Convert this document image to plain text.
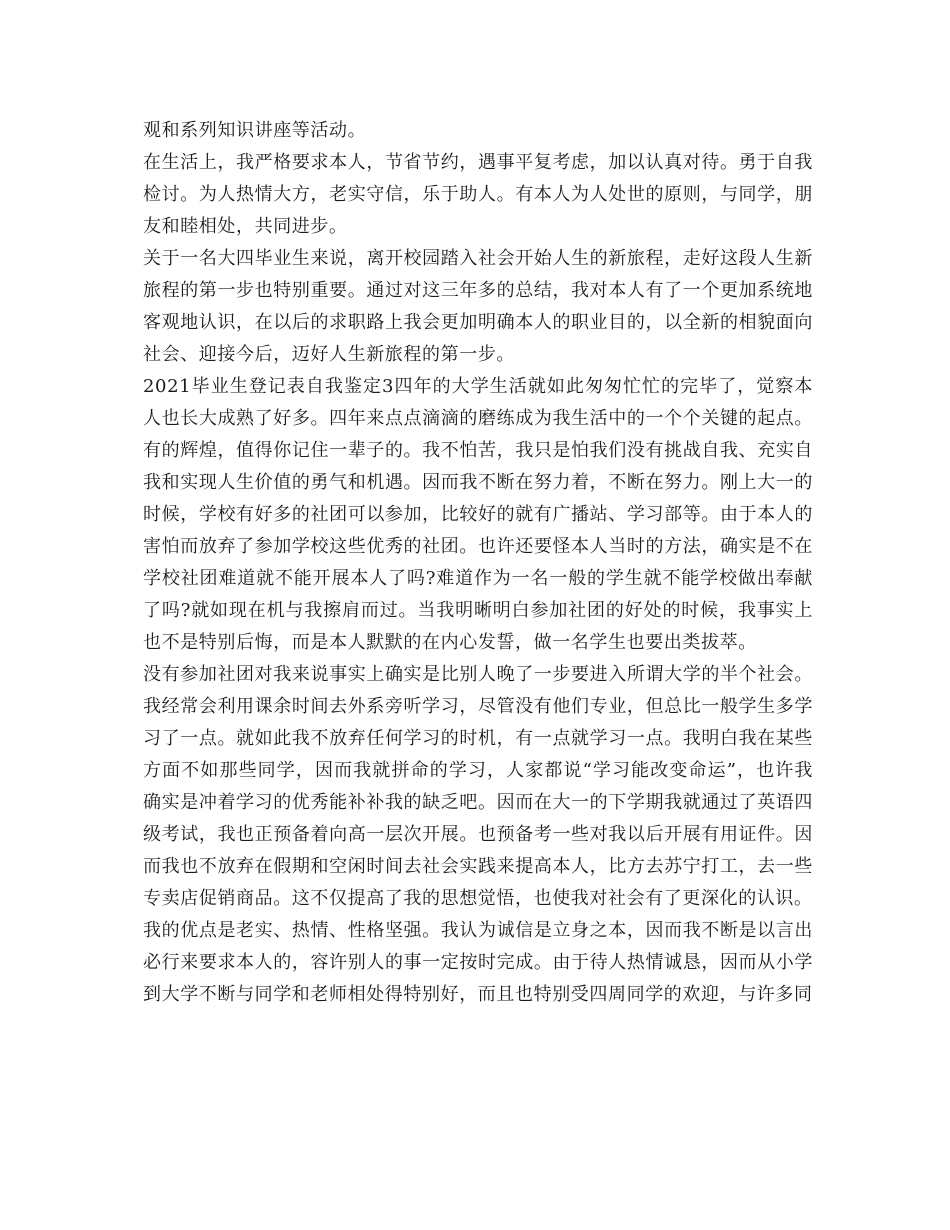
观和系列知识讲座等活动。

在生活上，我严格要求本人，节省节约，遇事平复考虑，加以认真对待。勇于自我检讨。为人热情大方，老实守信，乐于助人。有本人为人处世的原则，与同学，朋友和睦相处，共同进步。

关于一名大四毕业生来说，离开校园踏入社会开始人生的新旅程，走好这段人生新旅程的第一步也特别重要。通过对这三年多的总结，我对本人有了一个更加系统地客观地认识，在以后的求职路上我会更加明确本人的职业目的，以全新的相貌面向社会、迎接今后，迈好人生新旅程的第一步。

2021毕业生登记表自我鉴定3四年的大学生活就如此匆匆忙忙的完毕了，觉察本人也长大成熟了好多。四年来点点滴滴的磨练成为我生活中的一个个关键的起点。有的辉煌，值得你记住一辈子的。我不怕苦，我只是怕我们没有挑战自我、充实自我和实现人生价值的勇气和机遇。因而我不断在努力着，不断在努力。刚上大一的时候，学校有好多的社团可以参加，比较好的就有广播站、学习部等。由于本人的害怕而放弃了参加学校这些优秀的社团。也许还要怪本人当时的方法，确实是不在学校社团难道就不能开展本人了吗?难道作为一名一般的学生就不能学校做出奉献了吗?就如现在机与我擦肩而过。当我明晰明白参加社团的好处的时候，我事实上也不是特别后悔，而是本人默默的在内心发誓，做一名学生也要出类拔萃。

没有参加社团对我来说事实上确实是比别人晚了一步要进入所谓大学的半个社会。我经常会利用课余时间去外系旁听学习，尽管没有他们专业，但总比一般学生多学习了一点。就如此我不放弃任何学习的时机，有一点就学习一点。我明白我在某些方面不如那些同学，因而我就拼命的学习，人家都说“学习能改变命运”，也许我确实是冲着学习的优秀能补补我的缺乏吧。因而在大一的下学期我就通过了英语四级考试，我也正预备着向高一层次开展。也预备考一些对我以后开展有用证件。因而我也不放弃在假期和空闲时间去社会实践来提高本人，比方去苏宁打工，去一些专卖店促销商品。这不仅提高了我的思想觉悟，也使我对社会有了更深化的认识。

我的优点是老实、热情、性格坚强。我认为诚信是立身之本，因而我不断是以言出必行来要求本人的，容许别人的事一定按时完成。由于待人热情诚恳，因而从小学到大学不断与同学和老师相处得特别好，而且也特别受四周同学的欢迎，与许多同
